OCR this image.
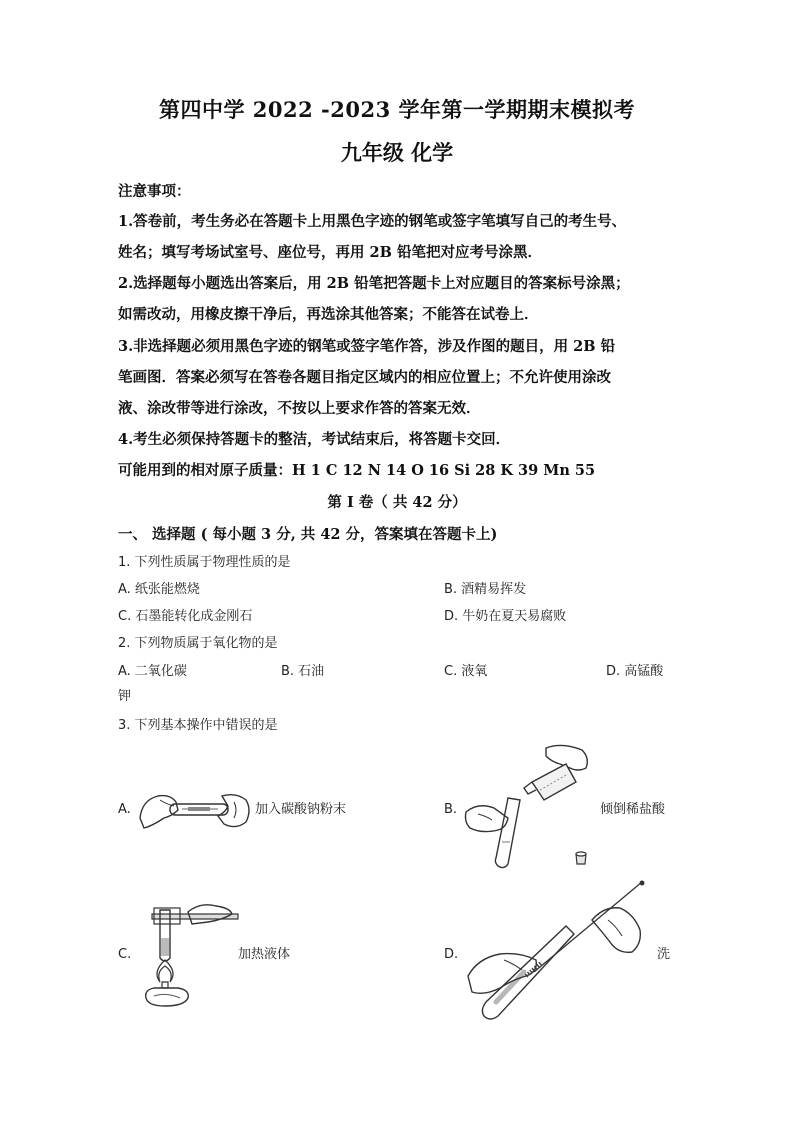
第四中学 2022 -2023 学年第一学期期末模拟考
九年级 化学
注意事项：
1.答卷前，考生务必在答题卡上用黑色字迹的钢笔或签字笔填写自己的考生号、
姓名；填写考场试室号、座位号，再用 2B 铅笔把对应考号涂黑．
2.选择题每小题选出答案后，用 2B 铅笔把答题卡上对应题目的答案标号涂黑；
如需改动，用橡皮擦干净后，再选涂其他答案；不能答在试卷上．
3.非选择题必须用黑色字迹的钢笔或签字笔作答，涉及作图的题目，用 2B 铅
笔画图．答案必须写在答卷各题目指定区域内的相应位置上；不允许使用涂改
液、涂改带等进行涂改，不按以上要求作答的答案无效．
4.考生必须保持答题卡的整洁，考试结束后，将答题卡交回．
可能用到的相对原子质量：H 1 C 12 N 14 O 16 Si 28 K 39 Mn 55
第 I 卷（ 共 42 分）
一、 选择题 ( 每小题 3 分, 共 42 分，答案填在答题卡上)
1. 下列性质属于物理性质的是
A. 纸张能燃烧	B. 酒精易挥发
C. 石墨能转化成金刚石	D. 牛奶在夏天易腐败
2. 下列物质属于氧化物的是
A. 二氧化碳	B. 石油	C. 液氧	D. 高锰酸
钾
3. 下列基本操作中错误的是
A.	加入碳酸钠粉末	B.	倾倒稀盐酸
C.	加热液体	D.	洗
